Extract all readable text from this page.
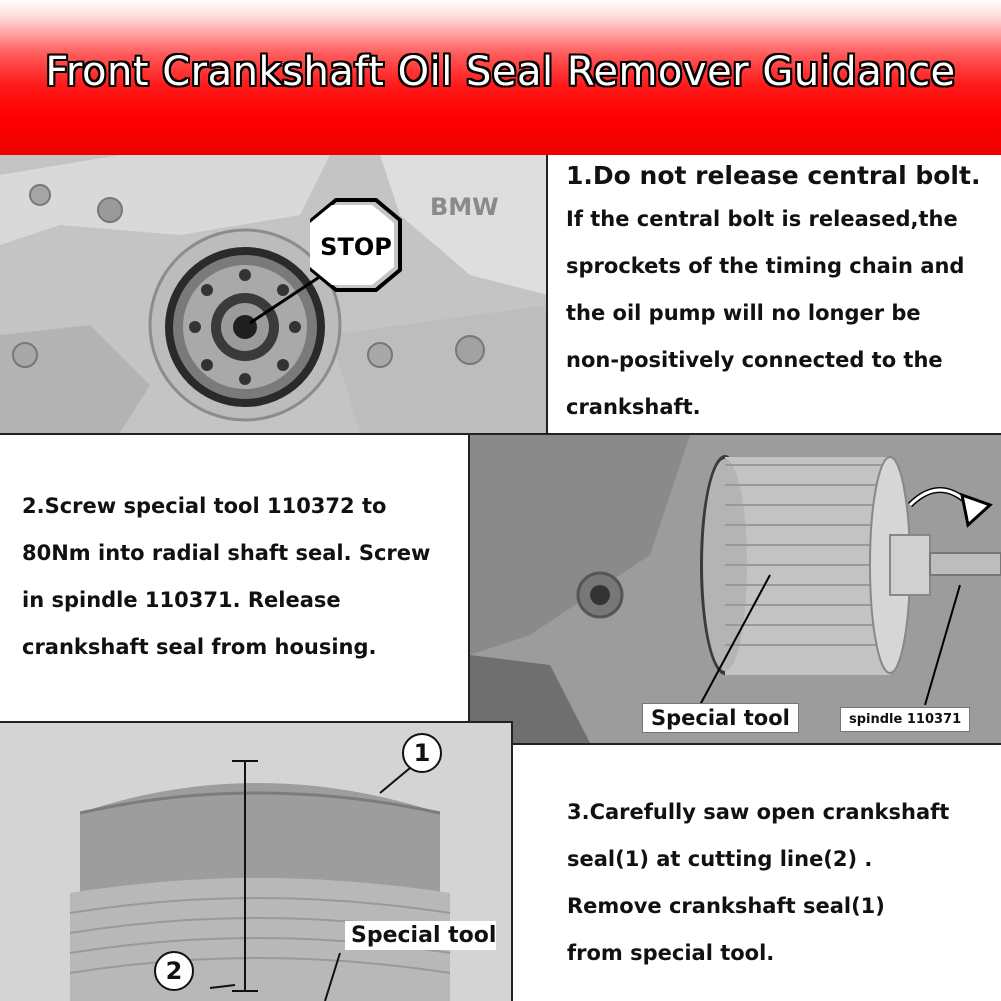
Front Crankshaft Oil Seal Remover Guidance
BMW
STOP
1.Do not release central bolt.
If the central bolt is released,the
sprockets of the timing chain and
the oil pump will no longer be
non-positively connected to the
crankshaft.
2.Screw special tool 110372 to
80Nm into radial shaft seal. Screw
in spindle 110371. Release
crankshaft seal from housing.
Special tool	spindle 110371
1
2
Special tool
3.Carefully saw open crankshaft
seal(1) at cutting line(2) .
Remove crankshaft seal(1)
from special tool.
